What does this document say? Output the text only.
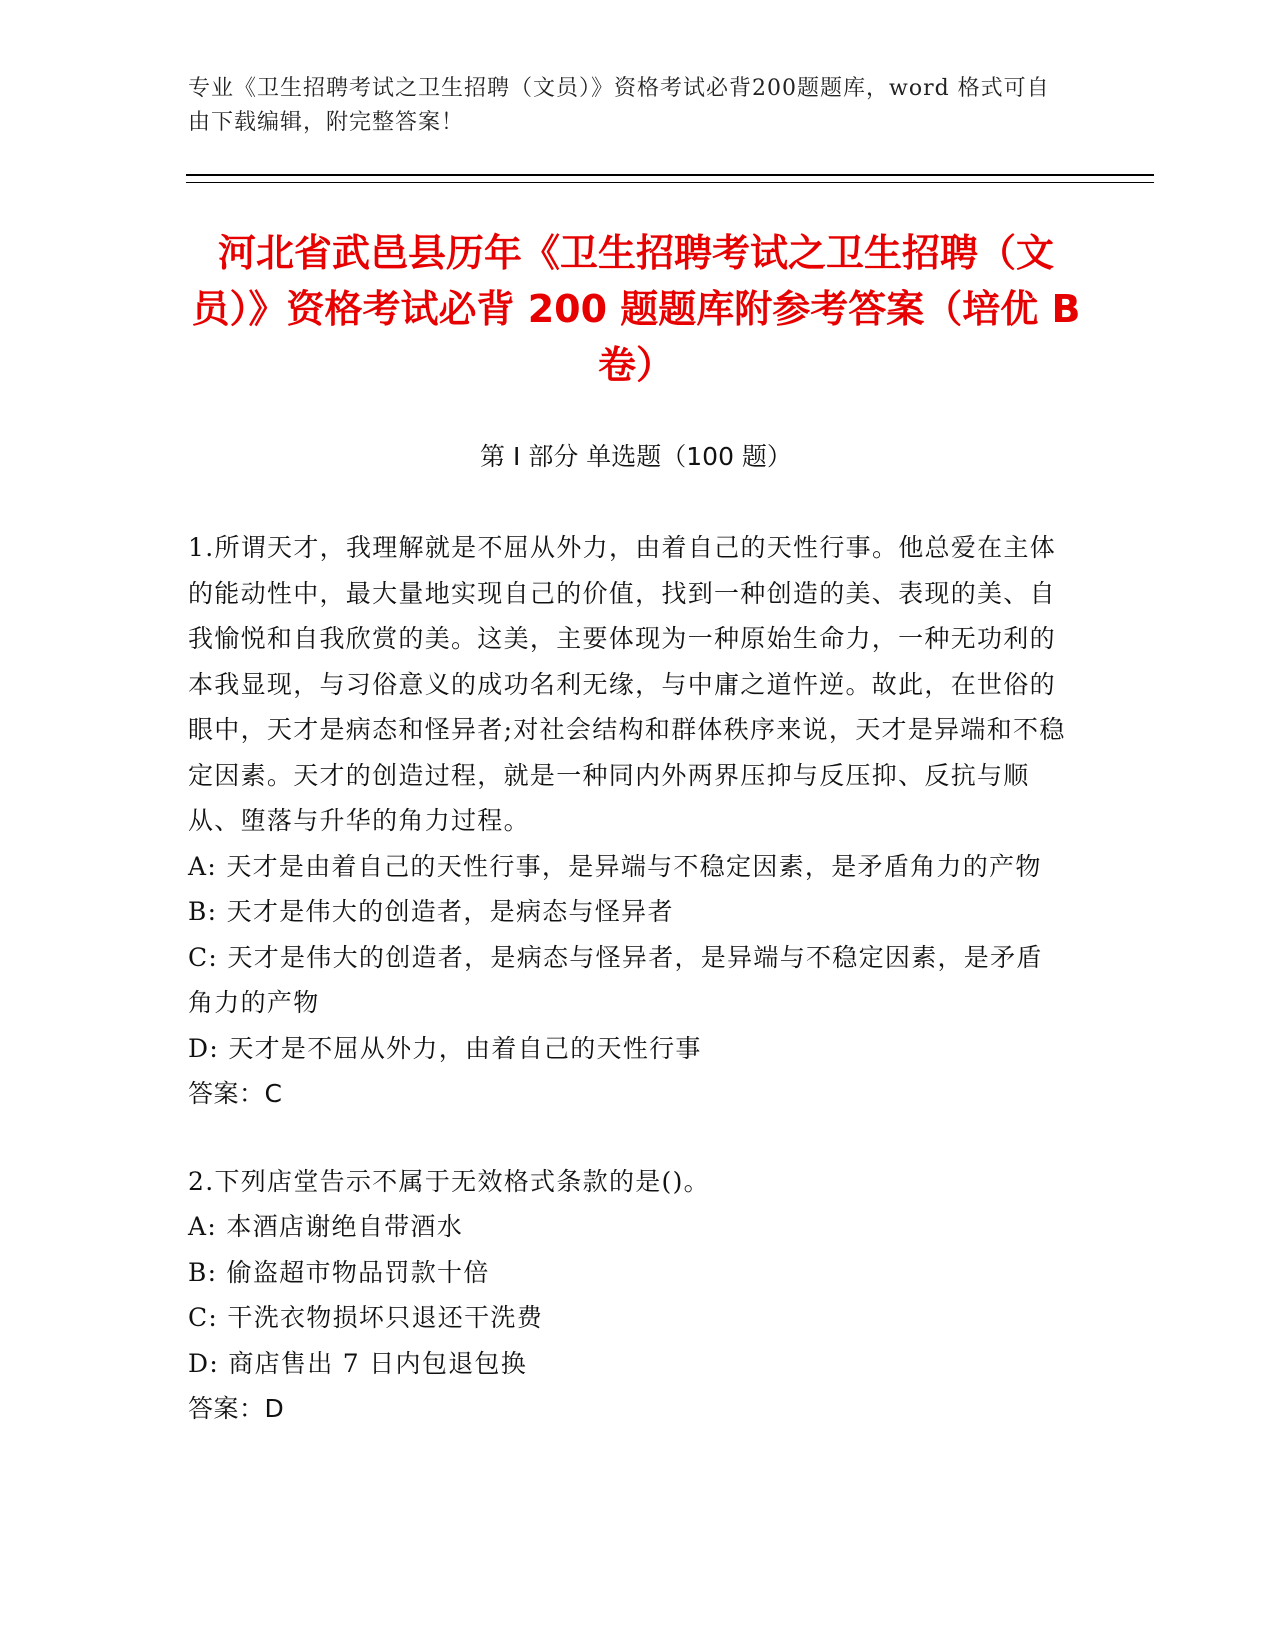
专业《卫生招聘考试之卫生招聘（文员）》资格考试必背200题题库，word 格式可自由下载编辑，附完整答案！
河北省武邑县历年《卫生招聘考试之卫生招聘（文员）》资格考试必背 200 题题库附参考答案（培优 B 卷）
第 I 部分 单选题（100 题）

1.所谓天才，我理解就是不屈从外力，由着自己的天性行事。他总爱在主体的能动性中，最大量地实现自己的价值，找到一种创造的美、表现的美、自我愉悦和自我欣赏的美。这美，主要体现为一种原始生命力，一种无功利的本我显现，与习俗意义的成功名利无缘，与中庸之道忤逆。故此，在世俗的眼中，天才是病态和怪异者;对社会结构和群体秩序来说，天才是异端和不稳定因素。天才的创造过程，就是一种同内外两界压抑与反压抑、反抗与顺从、堕落与升华的角力过程。

A: 天才是由着自己的天性行事，是异端与不稳定因素，是矛盾角力的产物

B: 天才是伟大的创造者，是病态与怪异者

C: 天才是伟大的创造者，是病态与怪异者，是异端与不稳定因素，是矛盾角力的产物

D: 天才是不屈从外力，由着自己的天性行事

答案：C

2.下列店堂告示不属于无效格式条款的是()。

A: 本酒店谢绝自带酒水

B: 偷盗超市物品罚款十倍

C: 干洗衣物损坏只退还干洗费

D: 商店售出 7 日内包退包换

答案：D
